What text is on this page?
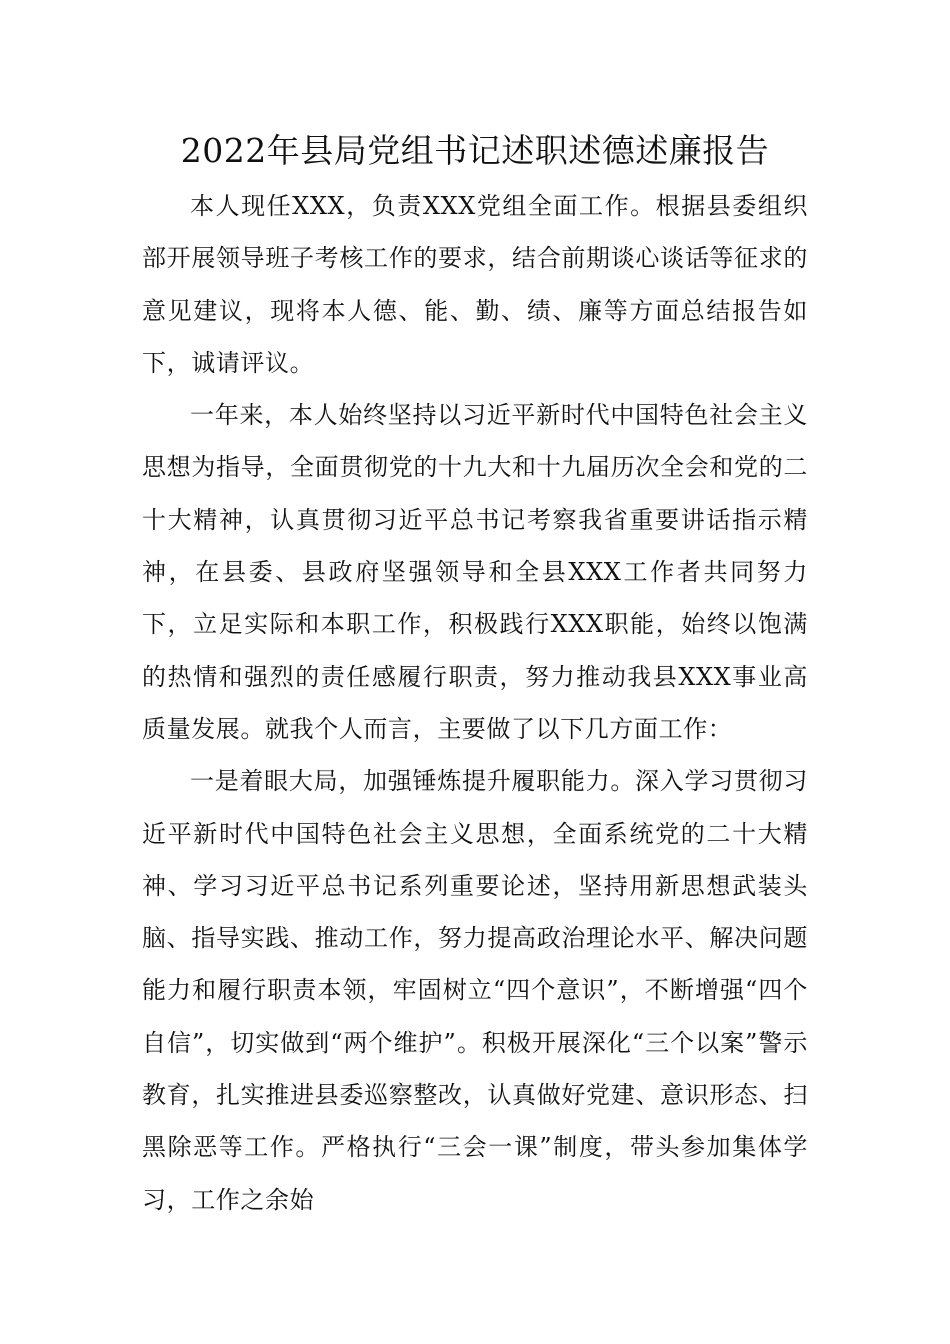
2022年县局党组书记述职述德述廉报告

本人现任XXX，负责XXX党组全面工作。根据县委组织部开展领导班子考核工作的要求，结合前期谈心谈话等征求的意见建议，现将本人德、能、勤、绩、廉等方面总结报告如下，诚请评议。

一年来，本人始终坚持以习近平新时代中国特色社会主义思想为指导，全面贯彻党的十九大和十九届历次全会和党的二十大精神，认真贯彻习近平总书记考察我省重要讲话指示精神，在县委、县政府坚强领导和全县XXX工作者共同努力下，立足实际和本职工作，积极践行XXX职能，始终以饱满的热情和强烈的责任感履行职责，努力推动我县XXX事业高质量发展。就我个人而言，主要做了以下几方面工作：

一是着眼大局，加强锤炼提升履职能力。深入学习贯彻习近平新时代中国特色社会主义思想，全面系统党的二十大精神、学习习近平总书记系列重要论述，坚持用新思想武装头脑、指导实践、推动工作，努力提高政治理论水平、解决问题能力和履行职责本领，牢固树立“四个意识”，不断增强“四个自信”，切实做到“两个维护”。积极开展深化“三个以案”警示教育，扎实推进县委巡察整改，认真做好党建、意识形态、扫黑除恶等工作。严格执行“三会一课”制度，带头参加集体学习，工作之余始
